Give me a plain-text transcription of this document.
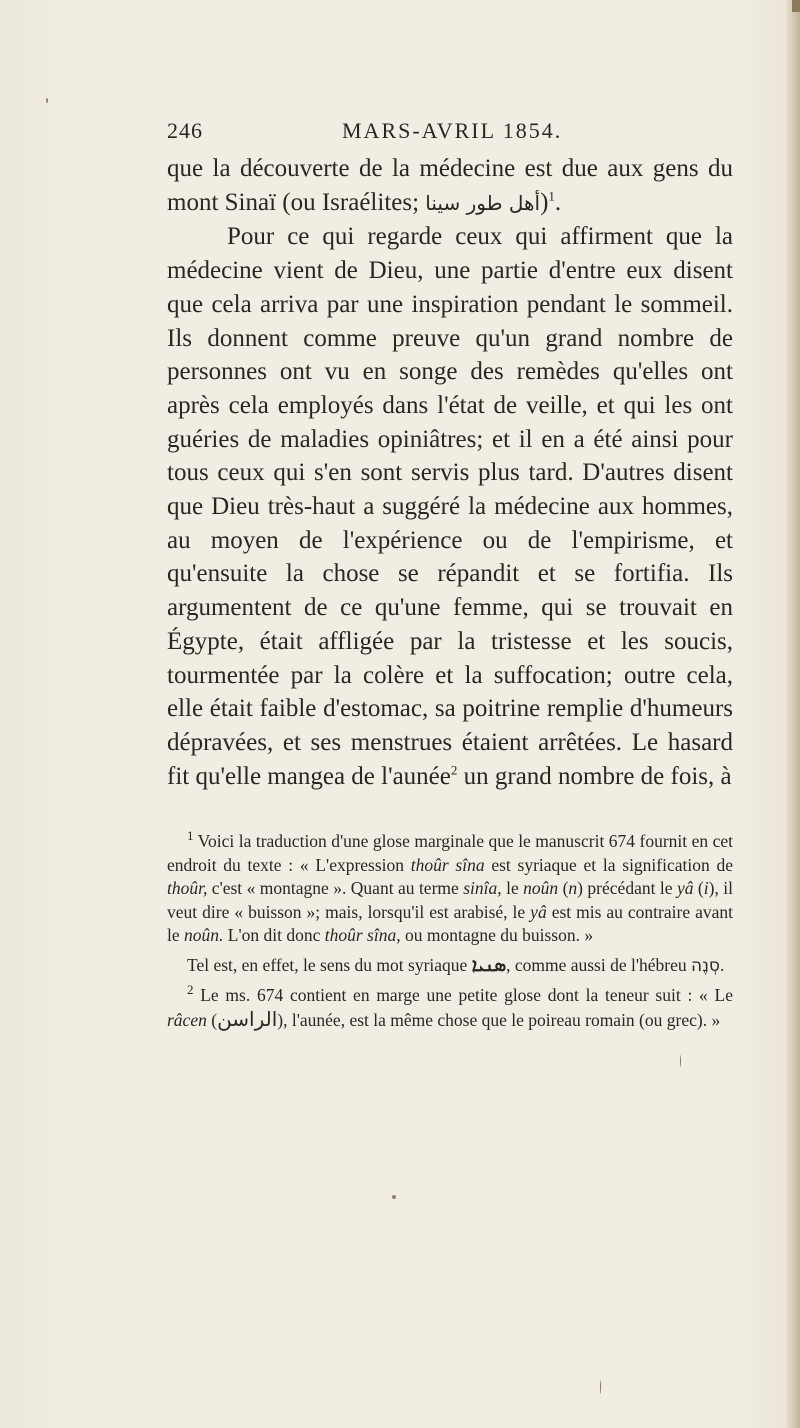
246	MARS-AVRIL 1854.

que la découverte de la médecine est due aux gens du mont Sinaï (ou Israélites; أهل طور سينا)$^1$.

Pour ce qui regarde ceux qui affirment que la médecine vient de Dieu, une partie d'entre eux disent que cela arriva par une inspiration pendant le sommeil. Ils donnent comme preuve qu'un grand nombre de personnes ont vu en songe des remèdes qu'elles ont après cela employés dans l'état de veille, et qui les ont guéries de maladies opiniâtres; et il en a été ainsi pour tous ceux qui s'en sont servis plus tard. D'autres disent que Dieu très-haut a suggéré la médecine aux hommes, au moyen de l'expérience ou de l'empirisme, et qu'ensuite la chose se répandit et se fortifia. Ils argumentent de ce qu'une femme, qui se trouvait en Égypte, était affligée par la tristesse et les soucis, tourmentée par la colère et la suffocation; outre cela, elle était faible d'estomac, sa poitrine remplie d'humeurs dépravées, et ses menstrues étaient arrêtées. Le hasard fit qu'elle mangea de l'aunée$^2$ un grand nombre de fois, à

$^1$ Voici la traduction d'une glose marginale que le manuscrit 674 fournit en cet endroit du texte : « L'expression thoûr sîna est syriaque et la signification de thoûr, c'est « montagne ». Quant au terme sinîa, le noûn (n) précédant le yâ (i), il veut dire « buisson »; mais, lorsqu'il est arabisé, le yâ est mis au contraire avant le noûn. L'on dit donc thoûr sîna, ou montagne du buisson. »

Tel est, en effet, le sens du mot syriaque ܣܢܝܐ, comme aussi de l'hébreu סְנֶה.

$^2$ Le ms. 674 contient en marge une petite glose dont la teneur suit : « Le râcen (الراسن), l'aunée, est la même chose que le poireau romain (ou grec). »
